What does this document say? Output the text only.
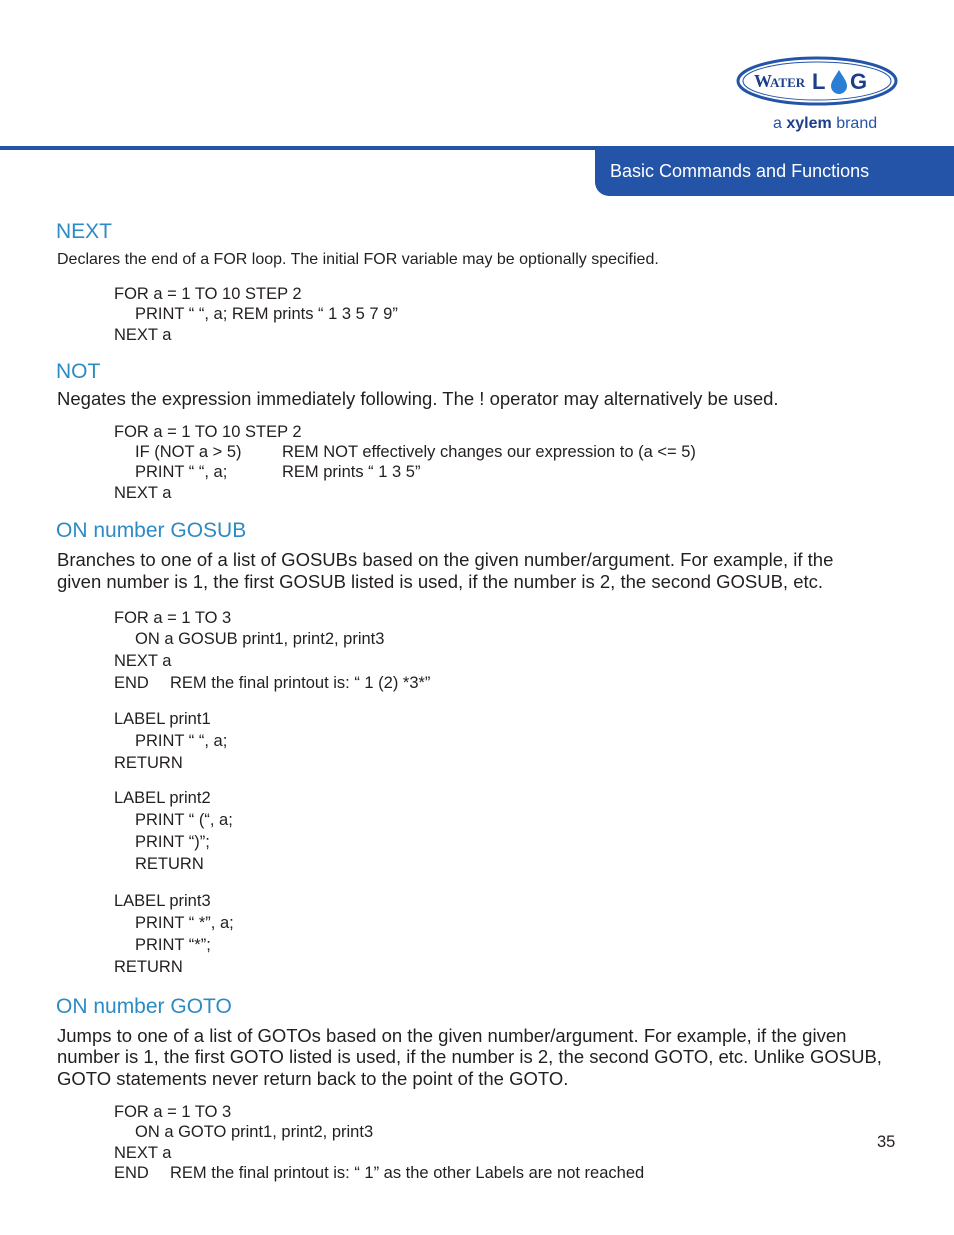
W
ATER L G
a xylem brand
Basic Commands and Functions
NEXT
Declares the end of a FOR loop. The initial FOR variable may be optionally specified.
FOR a = 1 TO 10 STEP 2
PRINT “ “, a; REM prints “ 1 3 5 7 9”
NEXT a
NOT
Negates the expression immediately following. The ! operator may alternatively be used.
FOR a = 1 TO 10 STEP 2
IF (NOT a > 5) REM NOT effectively changes our expression to (a <= 5)
PRINT “ “, a;	REM prints “ 1 3 5”
NEXT a
ON number GOSUB
Branches to one of a list of GOSUBs based on the given number/argument. For example, if the
given number is 1, the first GOSUB listed is used, if the number is 2, the second GOSUB, etc.
FOR a = 1 TO 3
ON a GOSUB print1, print2, print3
NEXT a
END REM the final printout is: “ 1 (2) *3*”
LABEL print1
PRINT “ “, a;
RETURN
LABEL print2
PRINT “ (“, a;
PRINT “)”;
RETURN
LABEL print3
PRINT “ *”, a;
PRINT “*”;
RETURN
ON number GOTO
Jumps to one of a list of GOTOs based on the given number/argument. For example, if the given
number is 1, the first GOTO listed is used, if the number is 2, the second GOTO, etc. Unlike GOSUB,
GOTO statements never return back to the point of the GOTO.
FOR a = 1 TO 3
ON a GOTO print1, print2, print3
NEXT a
END REM the final printout is: “ 1” as the other Labels are not reached
35
